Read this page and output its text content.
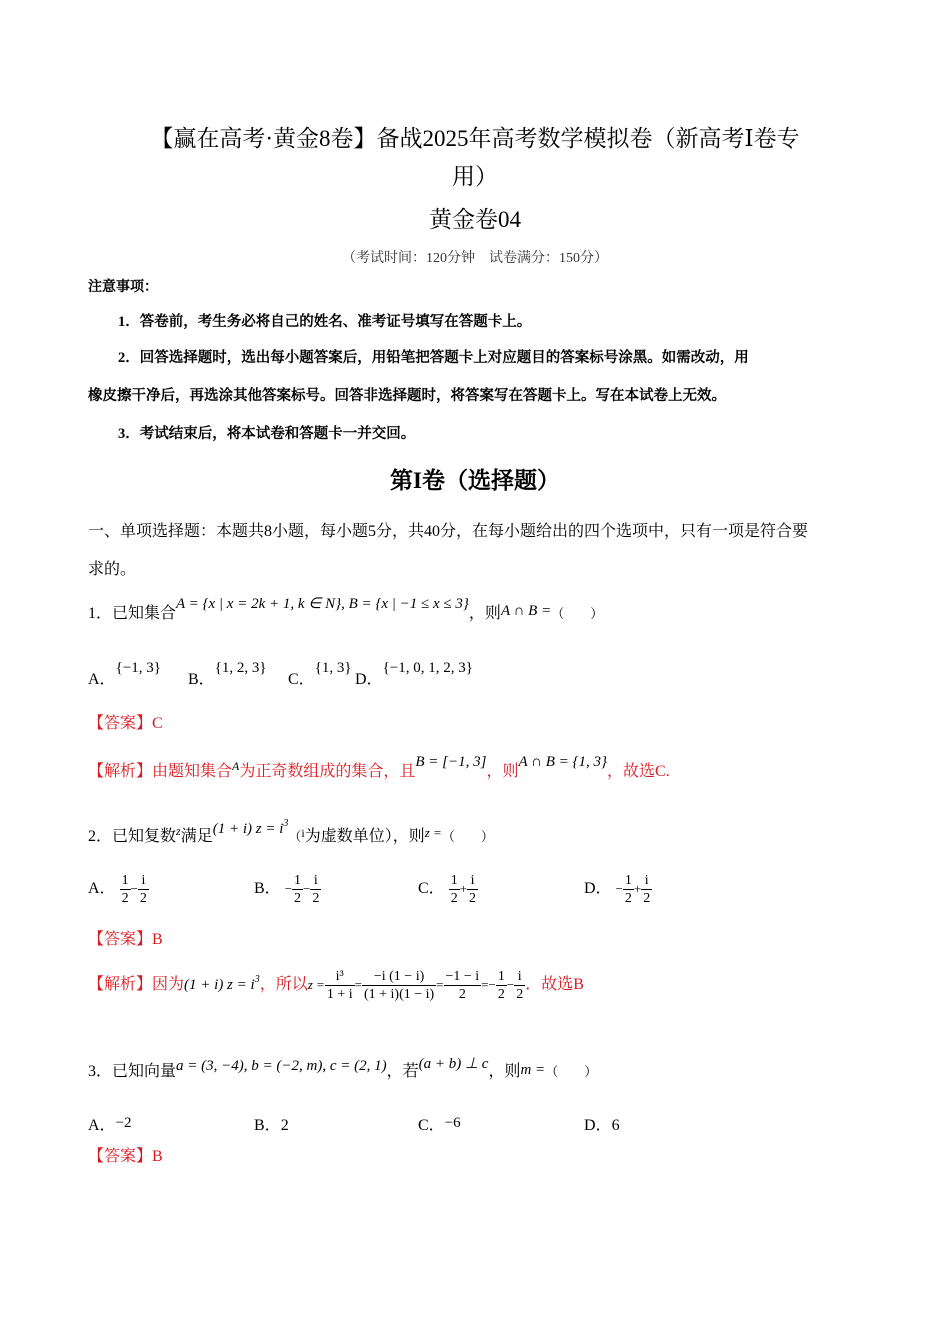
【赢在高考·黄金8卷】备战2025年高考数学模拟卷（新高考Ⅰ卷专
用）
黄金卷04
（考试时间：120分钟　试卷满分：150分）
注意事项：
1．答卷前，考生务必将自己的姓名、准考证号填写在答题卡上。
2．回答选择题时，选出每小题答案后，用铅笔把答题卡上对应题目的答案标号涂黑。如需改动，用
橡皮擦干净后，再选涂其他答案标号。回答非选择题时，将答案写在答题卡上。写在本试卷上无效。
3．考试结束后，将本试卷和答题卡一并交回。
第I卷（选择题）
一、单项选择题：本题共8小题，每小题5分，共40分，在每小题给出的四个选项中，只有一项是符合要
求的。
1．已知集合A = {x | x = 2k + 1, k ∈ N}, B = {x | −1 ≤ x ≤ 3}，则A ∩ B =（　　）
A．{−1, 3}
B．{1, 2, 3}
C．{1, 3}
D．{−1, 0, 1, 2, 3}
【答案】C
【解析】由题知集合$^A$为正奇数组成的集合，且B = [−1, 3]，则A ∩ B = {1, 3}，故选C.
2．已知复数$^z$满足(1 + i) $z = i^3(^i$为虚数单位），则$^{z =}$（　　）
A． $\frac{1}{2} - \frac{i}{2}$	B． − $\frac{1}{2} - \frac{i}{2}$	C． $\frac{1}{2} + \frac{i}{2}$	D． − $\frac{1}{2} + \frac{i}{2}$
【答案】B
【解析】因为(1 + i) $z = i^3$，所以$z = \frac{\text{i³}}{1 + i} = \frac{-i (1 - i)}{(1 + i)(1 - i)} = \frac{-1 - i}{2} =- \frac{1}{2} - \frac{i}{2}$ ．故选B
3．已知向量a = (3, −4), b = (−2, m), c = (2, 1)，若(a + b) ⊥ c，则m =（　　）
A．−2	B．2	C．−6	D．6
【答案】B
